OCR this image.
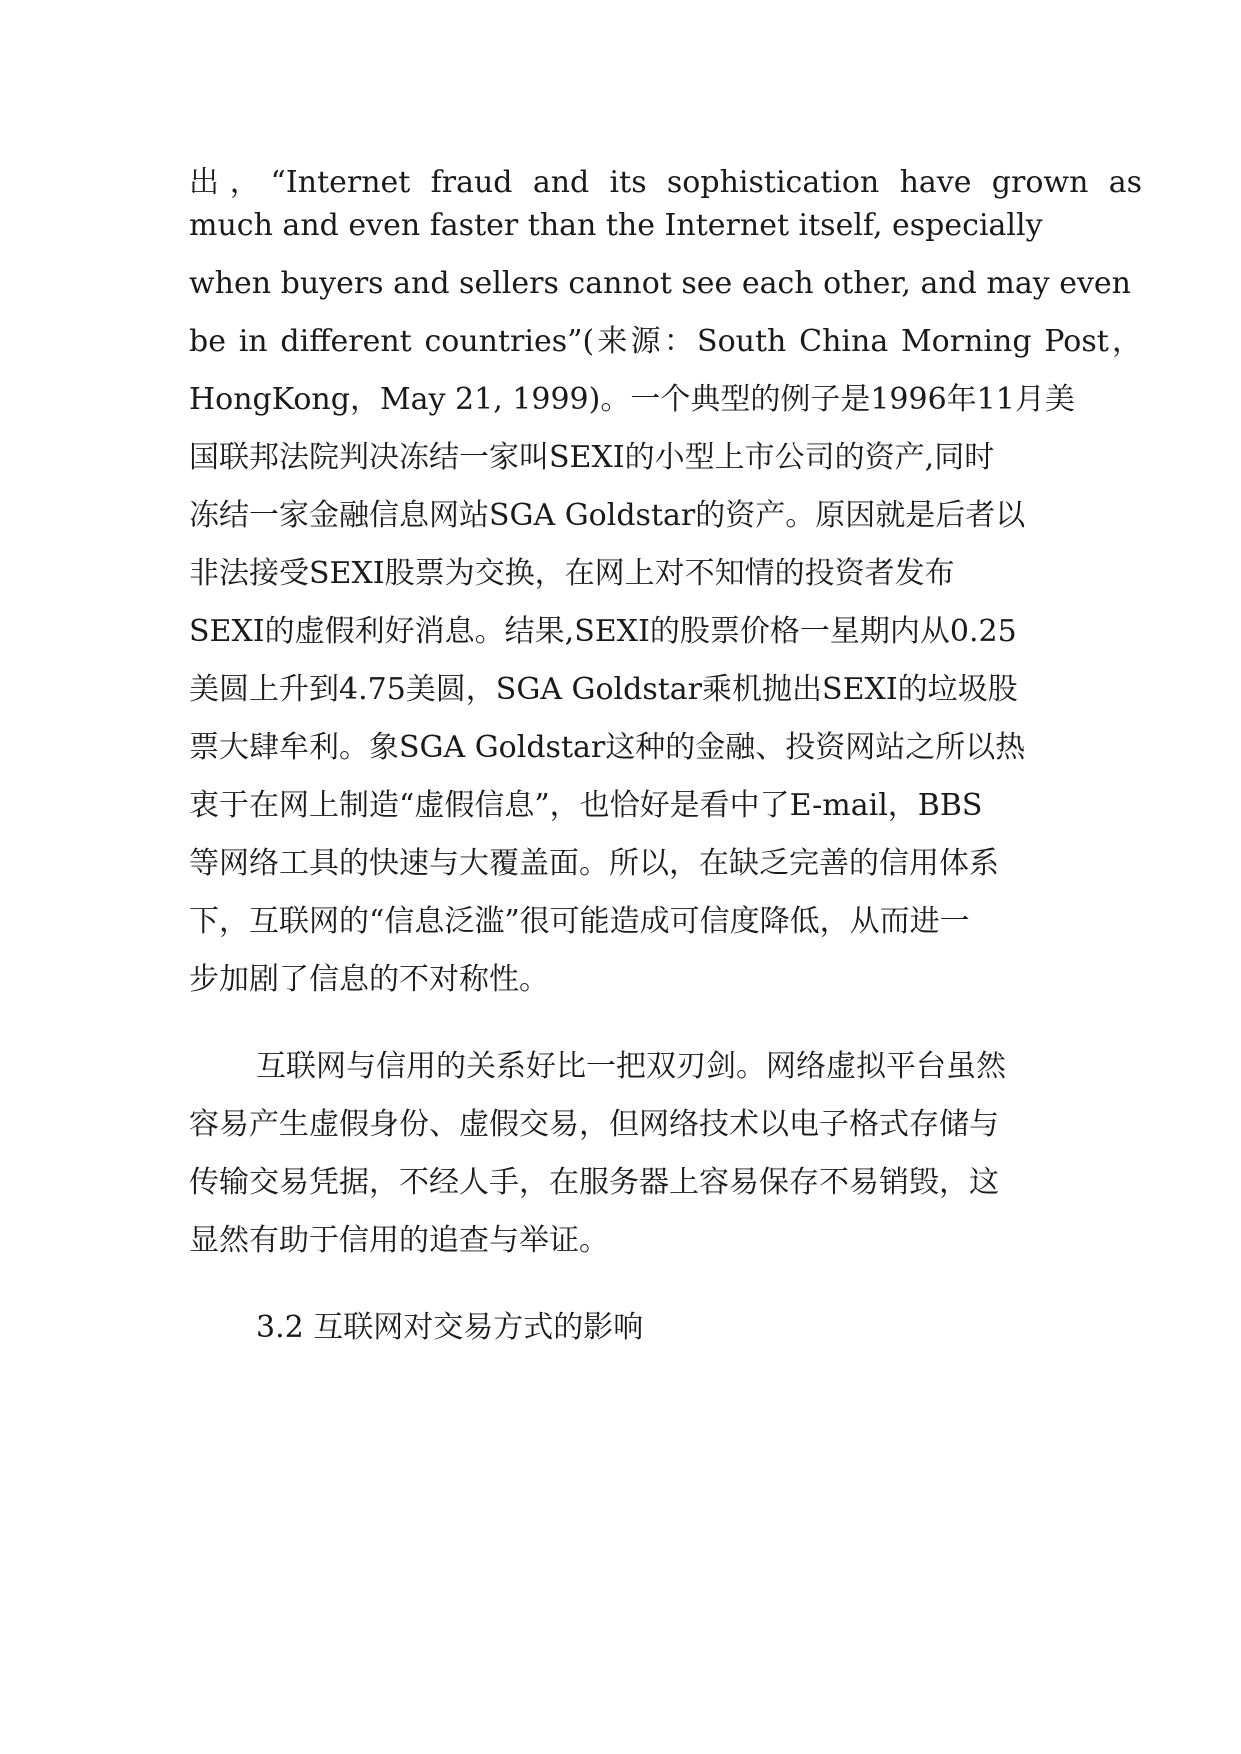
出，“Internet fraud and its sophistication have grown as
much and even faster than the Internet itself, especially
when buyers and sellers cannot see each other, and may even
be in different countries”(来源：South China Morning Post，
HongKong，May 21, 1999)。一个典型的例子是1996年11月美
国联邦法院判决冻结一家叫SEXI的小型上市公司的资产,同时
冻结一家金融信息网站SGA Goldstar的资产。原因就是后者以
非法接受SEXI股票为交换，在网上对不知情的投资者发布
SEXI的虚假利好消息。结果,SEXI的股票价格一星期内从0.25
美圆上升到4.75美圆，SGA Goldstar乘机抛出SEXI的垃圾股
票大肆牟利。象SGA Goldstar这种的金融、投资网站之所以热
衷于在网上制造“虚假信息”，也恰好是看中了E-mail，BBS
等网络工具的快速与大覆盖面。所以，在缺乏完善的信用体系
下，互联网的“信息泛滥”很可能造成可信度降低，从而进一
步加剧了信息的不对称性。
互联网与信用的关系好比一把双刃剑。网络虚拟平台虽然
容易产生虚假身份、虚假交易，但网络技术以电子格式存储与
传输交易凭据，不经人手，在服务器上容易保存不易销毁，这
显然有助于信用的追查与举证。
3.2 互联网对交易方式的影响
